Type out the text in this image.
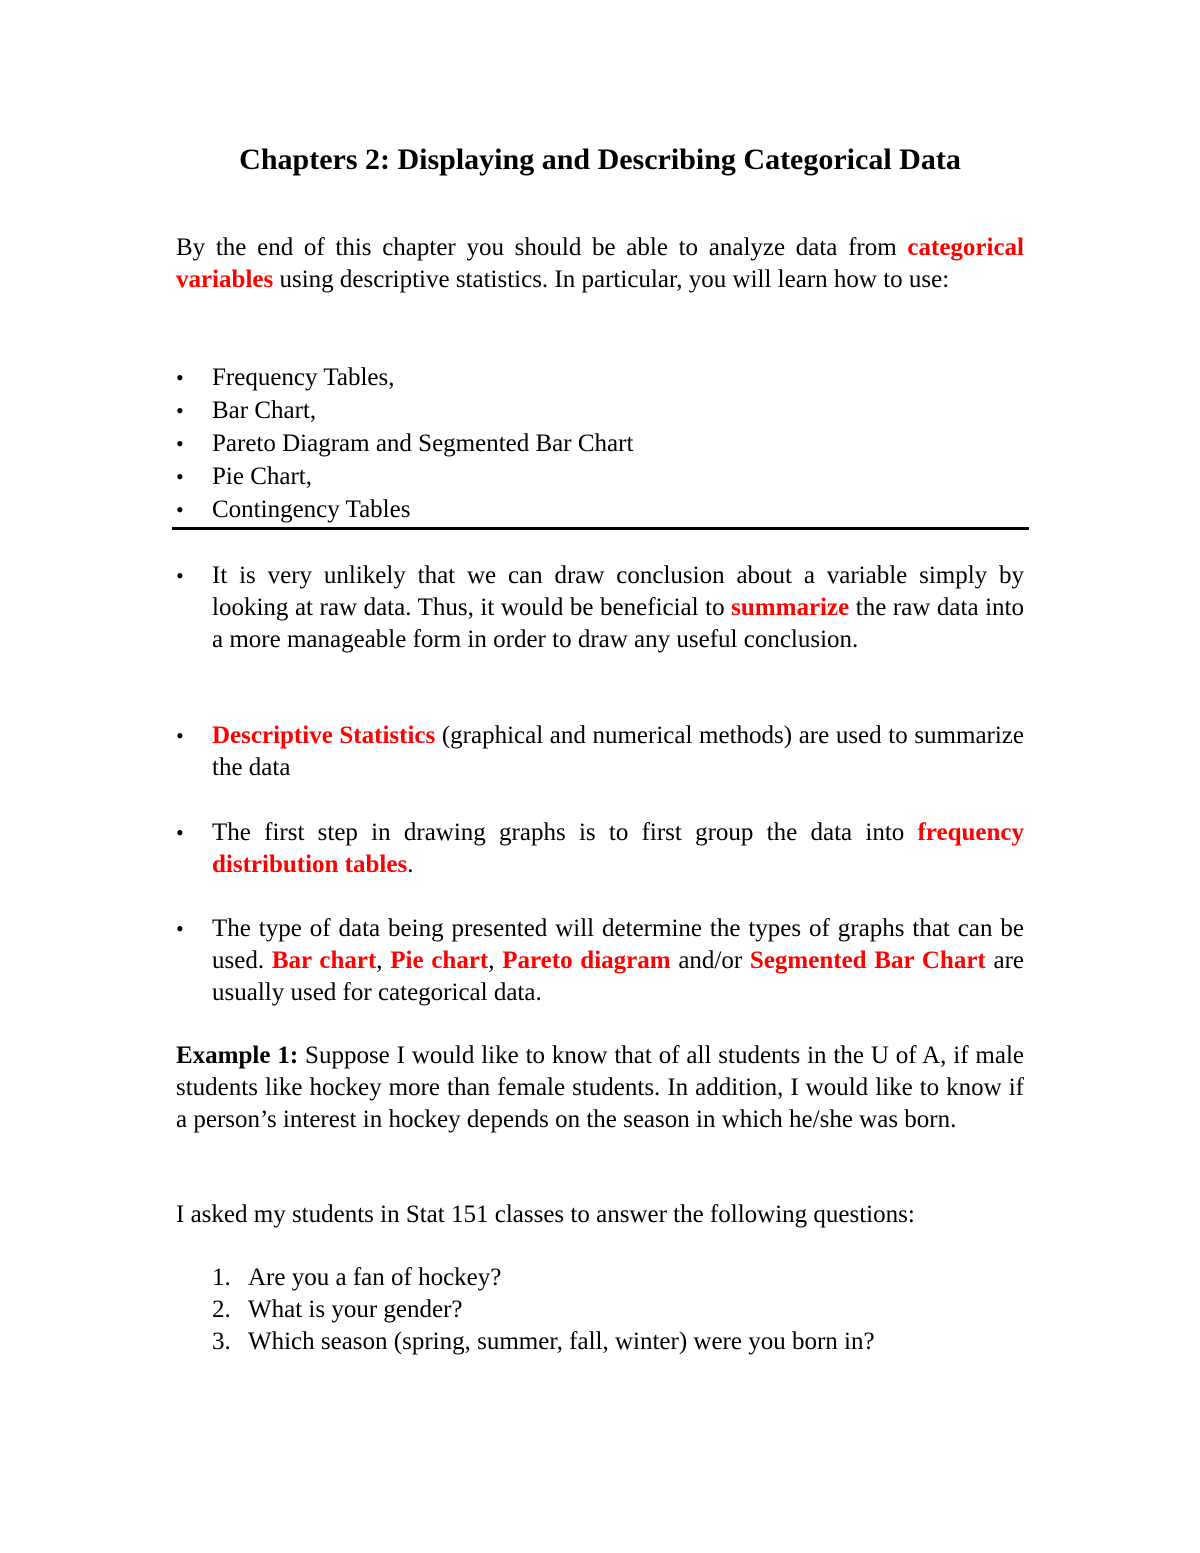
Chapters 2: Displaying and Describing Categorical Data

By the end of this chapter you should be able to analyze data from categorical variables using descriptive statistics. In particular, you will learn how to use:

•	Frequency Tables,
•	Bar Chart,
•	Pareto Diagram and Segmented Bar Chart
•	Pie Chart,
•	Contingency Tables

•	It is very unlikely that we can draw conclusion about a variable simply by looking at raw data. Thus, it would be beneficial to summarize the raw data into a more manageable form in order to draw any useful conclusion.

•	Descriptive Statistics (graphical and numerical methods) are used to summarize the data

•	The first step in drawing graphs is to first group the data into frequency distribution tables.

•	The type of data being presented will determine the types of graphs that can be used. Bar chart, Pie chart, Pareto diagram and/or Segmented Bar Chart are usually used for categorical data.

Example 1: Suppose I would like to know that of all students in the U of A, if male students like hockey more than female students. In addition, I would like to know if a person’s interest in hockey depends on the season in which he/she was born.

I asked my students in Stat 151 classes to answer the following questions:

1. Are you a fan of hockey?
2. What is your gender?
3. Which season (spring, summer, fall, winter) were you born in?
